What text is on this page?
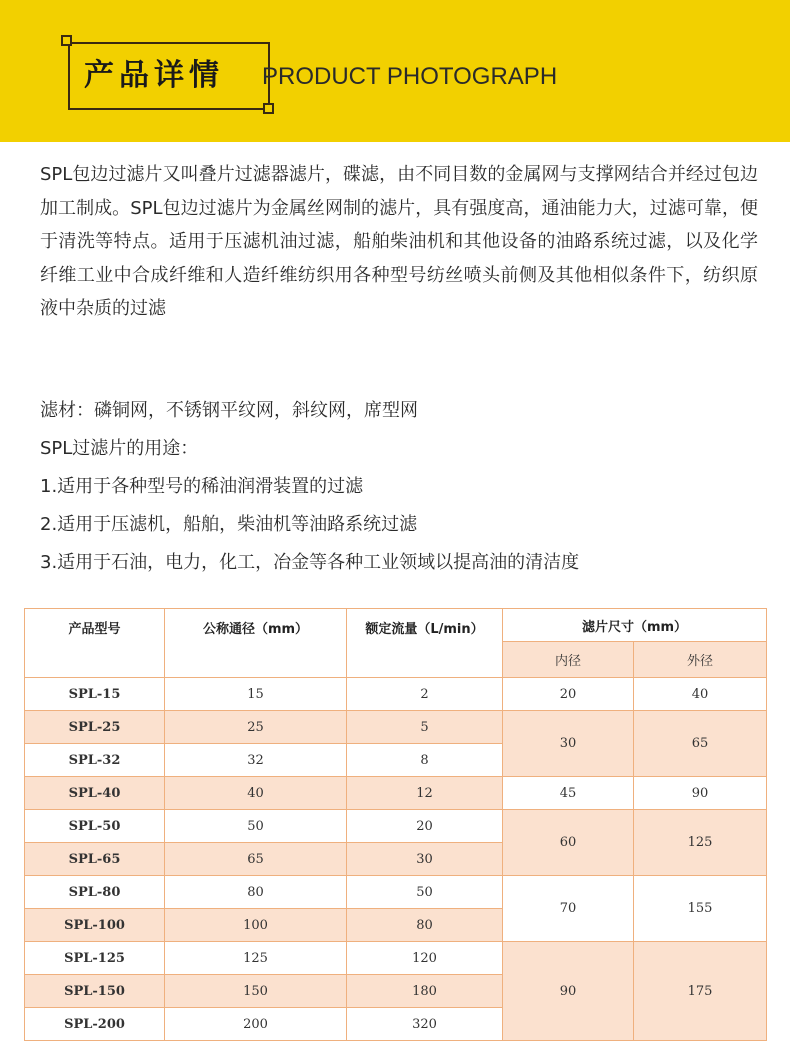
产品详情 PRODUCT PHOTOGRAPH

SPL包边过滤片又叫叠片过滤器滤片，碟滤，由不同目数的金属网与支撑网结合并经过包边加工制成。SPL包边过滤片为金属丝网制的滤片，具有强度高，通油能力大，过滤可靠，便于清洗等特点。适用于压滤机油过滤，船舶柴油机和其他设备的油路系统过滤，以及化学纤维工业中合成纤维和人造纤维纺织用各种型号纺丝喷头前侧及其他相似条件下，纺织原液中杂质的过滤

滤材：磷铜网，不锈钢平纹网，斜纹网，席型网
SPL过滤片的用途：
1.适用于各种型号的稀油润滑装置的过滤
2.适用于压滤机，船舶，柴油机等油路系统过滤
3.适用于石油，电力，化工，冶金等各种工业领域以提高油的清洁度
产品型号	公称通径（mm）	额定流量（L/min）	滤片尺寸（mm）	
			内径	外径
SPL-15	15	2	20	40
SPL-25	25	5	30	65
SPL-32	32	8		
SPL-40	40	12	45	90
SPL-50	50	20	60	125
SPL-65	65	30		
SPL-80	80	50	70	155
SPL-100	100	80		
SPL-125	125	120	90	175
SPL-150	150	180		
SPL-200	200	320		
